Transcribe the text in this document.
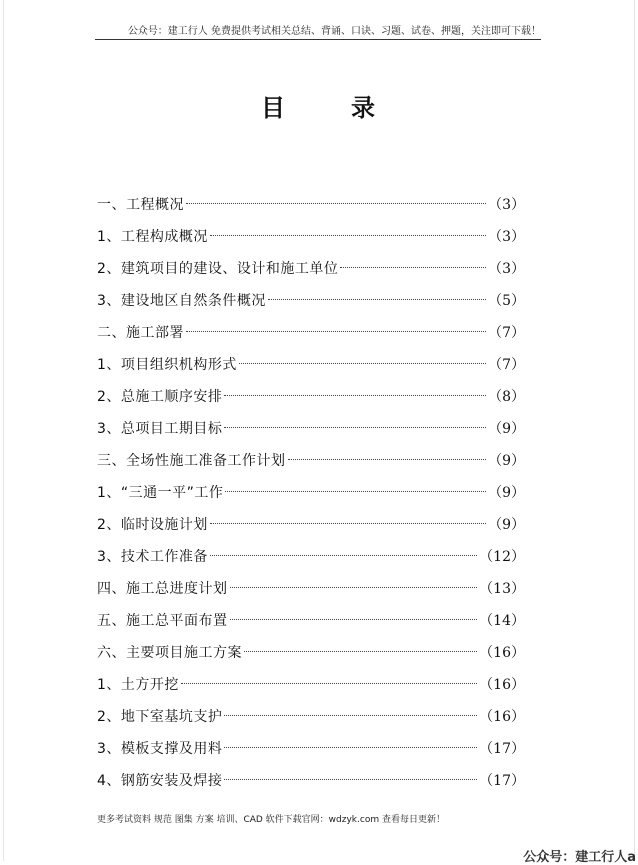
公众号：建工行人 免费提供考试相关总结、背诵、口诀、习题、试卷、押题，关注即可下载！
目	录
一、工程概况	（3）
1、工程构成概况	（3）
2、建筑项目的建设、设计和施工单位	（3）
3、建设地区自然条件概况	（5）
二、施工部署	（7）
1、项目组织机构形式	（7）
2、总施工顺序安排	（8）
3、总项目工期目标	（9）
三、全场性施工准备工作计划	（9）
1、“三通一平”工作	（9）
2、临时设施计划	（9）
3、技术工作准备	（12）
四、施工总进度计划	（13）
五、施工总平面布置	（14）
六、主要项目施工方案	（16）
1、土方开挖	（16）
2、地下室基坑支护	（16）
3、模板支撑及用料	（17）
4、钢筋安装及焊接	（17）
更多考试资料 规范 图集 方案 培训、CAD 软件下载官网：wdzyk.com 查看每日更新！
公众号：建工行人a
